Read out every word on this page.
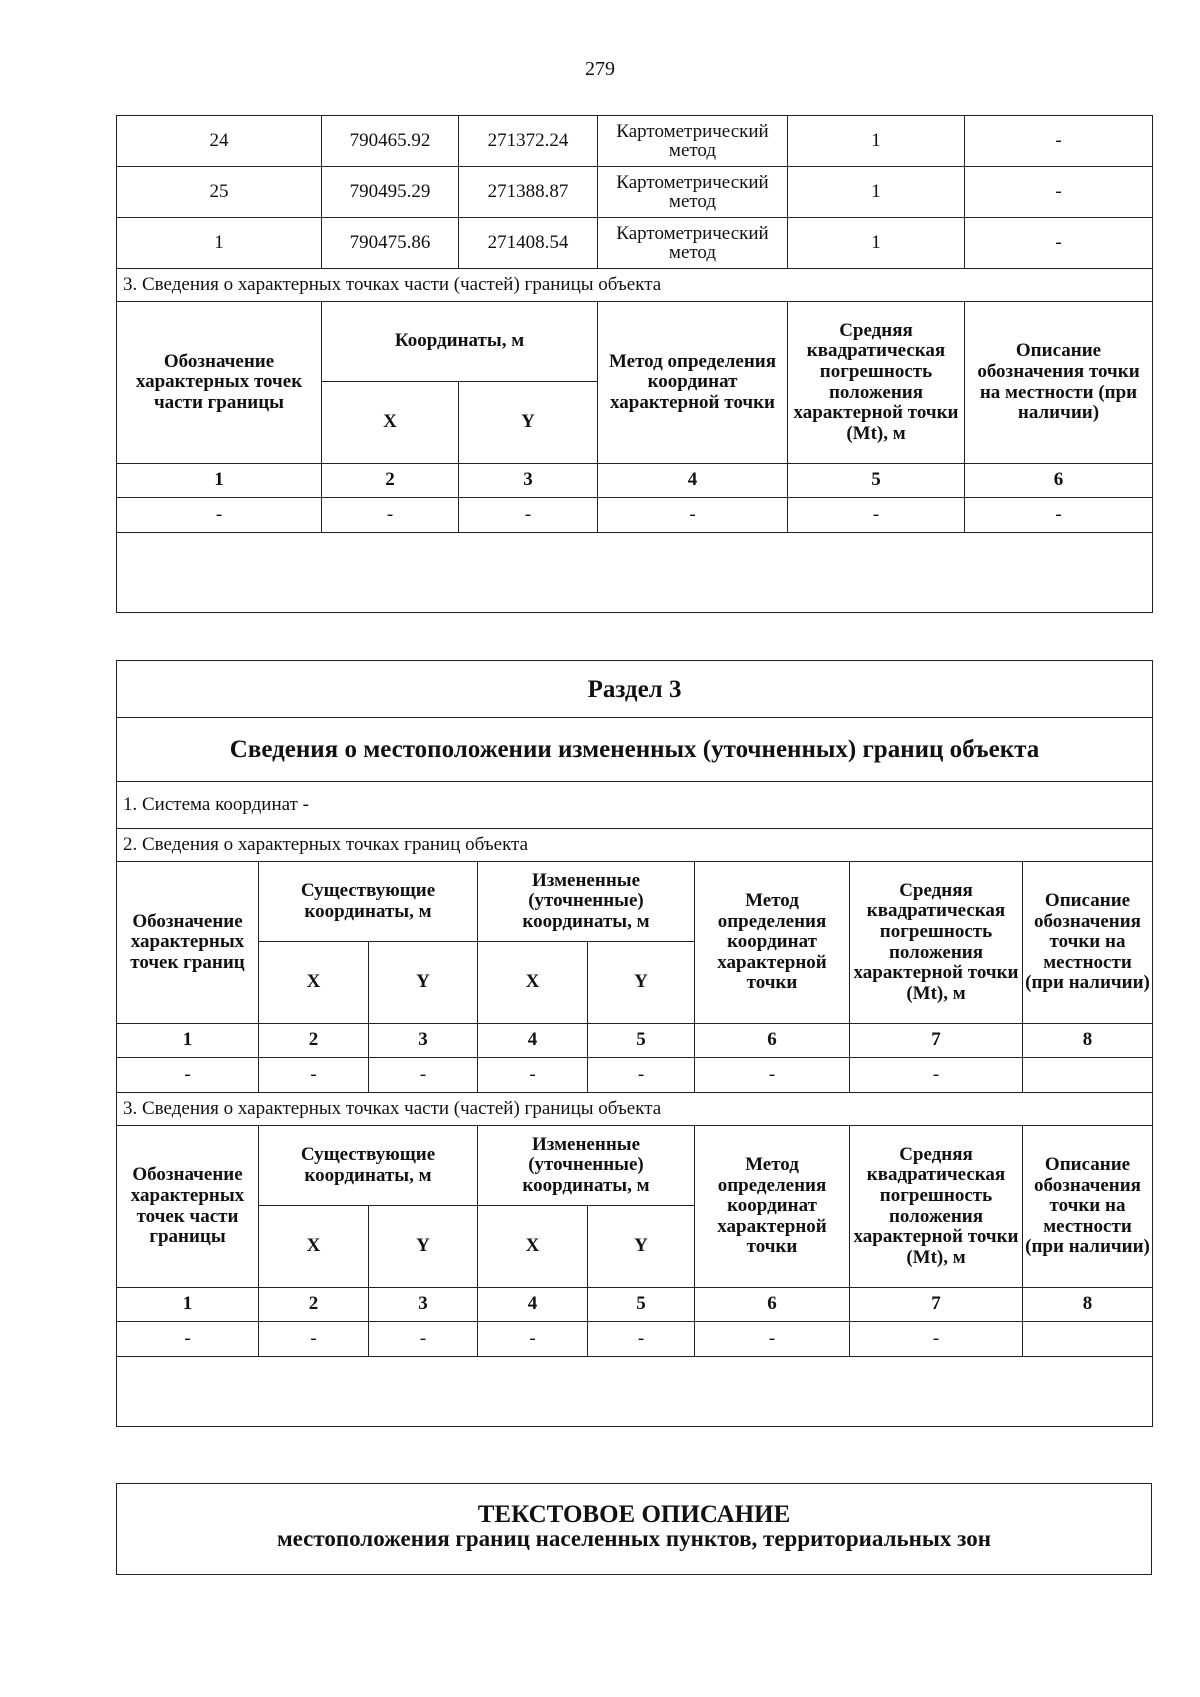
279
24	790465.92	271372.24	Картометрический метод	1	-
25	790495.29	271388.87	Картометрический метод	1	-
1	790475.86	271408.54	Картометрический метод	1	-
3. Сведения о характерных точках части (частей) границы объекта					
Обозначение характерных точек части границы	Координаты, м		Метод определения координат характерной точки	Средняя квадратическая погрешность положения характерной точки (Mt), м	Описание обозначения точки на местности (при наличии)
	X	Y			
1	2	3	4	5	6
-	-	-	-	-	-

Раздел 3							
Сведения о местоположении измененных (уточненных) границ объекта							
1. Система координат -							
2. Сведения о характерных точках границ объекта							
Обозначение характерных точек границ	Существующие координаты, м		Измененные (уточненные) координаты, м		Метод определения координат характерной точки	Средняя квадратическая погрешность положения характерной точки (Mt), м	Описание обозначения точки на местности (при наличии)
	X	Y	X	Y			
1	2	3	4	5	6	7	8
-	-	-	-	-	-	-	
3. Сведения о характерных точках части (частей) границы объекта							
Обозначение характерных точек части границы	Существующие координаты, м		Измененные (уточненные) координаты, м		Метод определения координат характерной точки	Средняя квадратическая погрешность положения характерной точки (Mt), м	Описание обозначения точки на местности (при наличии)
	X	Y	X	Y			
1	2	3	4	5	6	7	8
-	-	-	-	-	-	-	

ТЕКСТОВОЕ ОПИСАНИЕ
местоположения границ населенных пунктов, территориальных зон
